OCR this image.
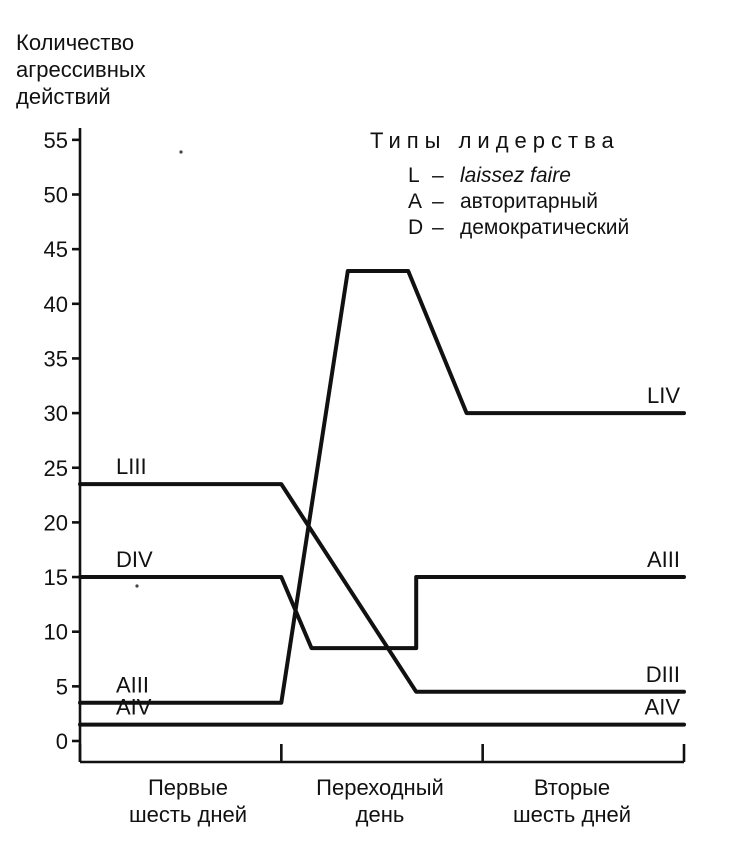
Количество
агрессивных
действий
Типы лидерства
L – laissez faire
A – авторитарный
D – демократический
Первые
шесть дней
Переходный
день
Вторые
шесть дней
0
5
10
15
20
25
30
35
40
45
50
55
LIII
DIII
DIV	AIII
AIII
LIV
AIV	AIV
